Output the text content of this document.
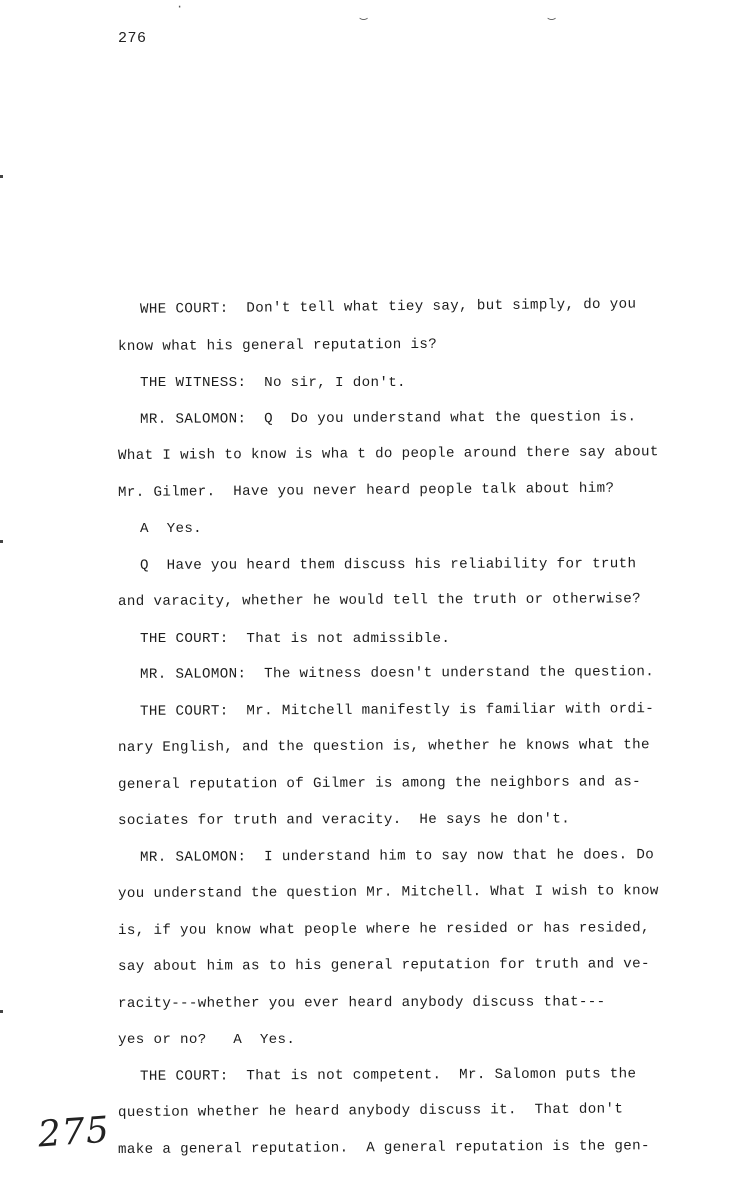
·	‿	‿
276
WHE COURT:  Don't tell what tiey say, but simply, do you
know what his general reputation is?
THE WITNESS:  No sir, I don't.
MR. SALOMON:  Q  Do you understand what the question is.
What I wish to know is wha t do people around there say about
Mr. Gilmer.  Have you never heard people talk about him?
A  Yes.
Q  Have you heard them discuss his reliability for truth
and varacity, whether he would tell the truth or otherwise?
THE COURT:  That is not admissible.
MR. SALOMON:  The witness doesn't understand the question.
THE COURT:  Mr. Mitchell manifestly is familiar with ordi-
nary English, and the question is, whether he knows what the
general reputation of Gilmer is among the neighbors and as-
sociates for truth and veracity.  He says he don't.
MR. SALOMON:  I understand him to say now that he does. Do
you understand the question Mr. Mitchell. What I wish to know
is, if you know what people where he resided or has resided,
say about him as to his general reputation for truth and ve-
racity---whether you ever heard anybody discuss that---
yes or no?   A  Yes.
THE COURT:  That is not competent.  Mr. Salomon puts the
question whether he heard anybody discuss it.  That don't
make a general reputation.  A general reputation is the gen-
275
